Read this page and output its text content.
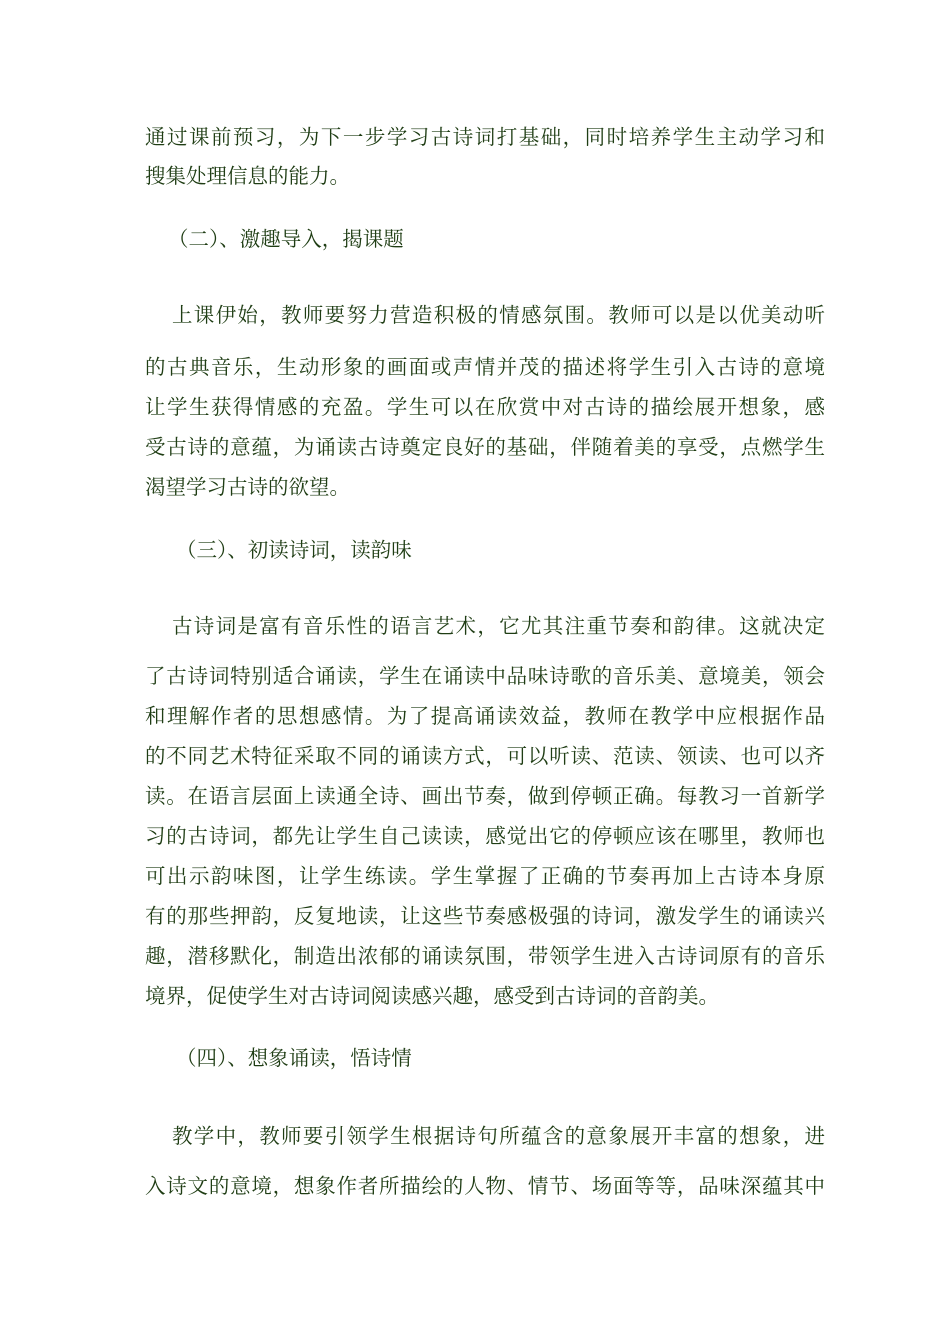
通过课前预习，为下一步学习古诗词打基础，同时培养学生主动学习和

搜集处理信息的能力。

（二）、激趣导入，揭课题

上课伊始，教师要努力营造积极的情感氛围。教师可以是以优美动听

的古典音乐，生动形象的画面或声情并茂的描述将学生引入古诗的意境

让学生获得情感的充盈。学生可以在欣赏中对古诗的描绘展开想象，感

受古诗的意蕴，为诵读古诗奠定良好的基础，伴随着美的享受，点燃学生

渴望学习古诗的欲望。

（三）、初读诗词，读韵味

古诗词是富有音乐性的语言艺术，它尤其注重节奏和韵律。这就决定

了古诗词特别适合诵读，学生在诵读中品味诗歌的音乐美、意境美，领会

和理解作者的思想感情。为了提高诵读效益，教师在教学中应根据作品

的不同艺术特征采取不同的诵读方式，可以听读、范读、领读、也可以齐

读。在语言层面上读通全诗、画出节奏，做到停顿正确。每教习一首新学

习的古诗词，都先让学生自己读读，感觉出它的停顿应该在哪里，教师也

可出示韵味图，让学生练读。学生掌握了正确的节奏再加上古诗本身原

有的那些押韵，反复地读，让这些节奏感极强的诗词，激发学生的诵读兴

趣，潜移默化，制造出浓郁的诵读氛围，带领学生进入古诗词原有的音乐

境界，促使学生对古诗词阅读感兴趣，感受到古诗词的音韵美。

（四）、想象诵读，悟诗情

教学中，教师要引领学生根据诗句所蕴含的意象展开丰富的想象，进

入诗文的意境，想象作者所描绘的人物、情节、场面等等，品味深蕴其中
